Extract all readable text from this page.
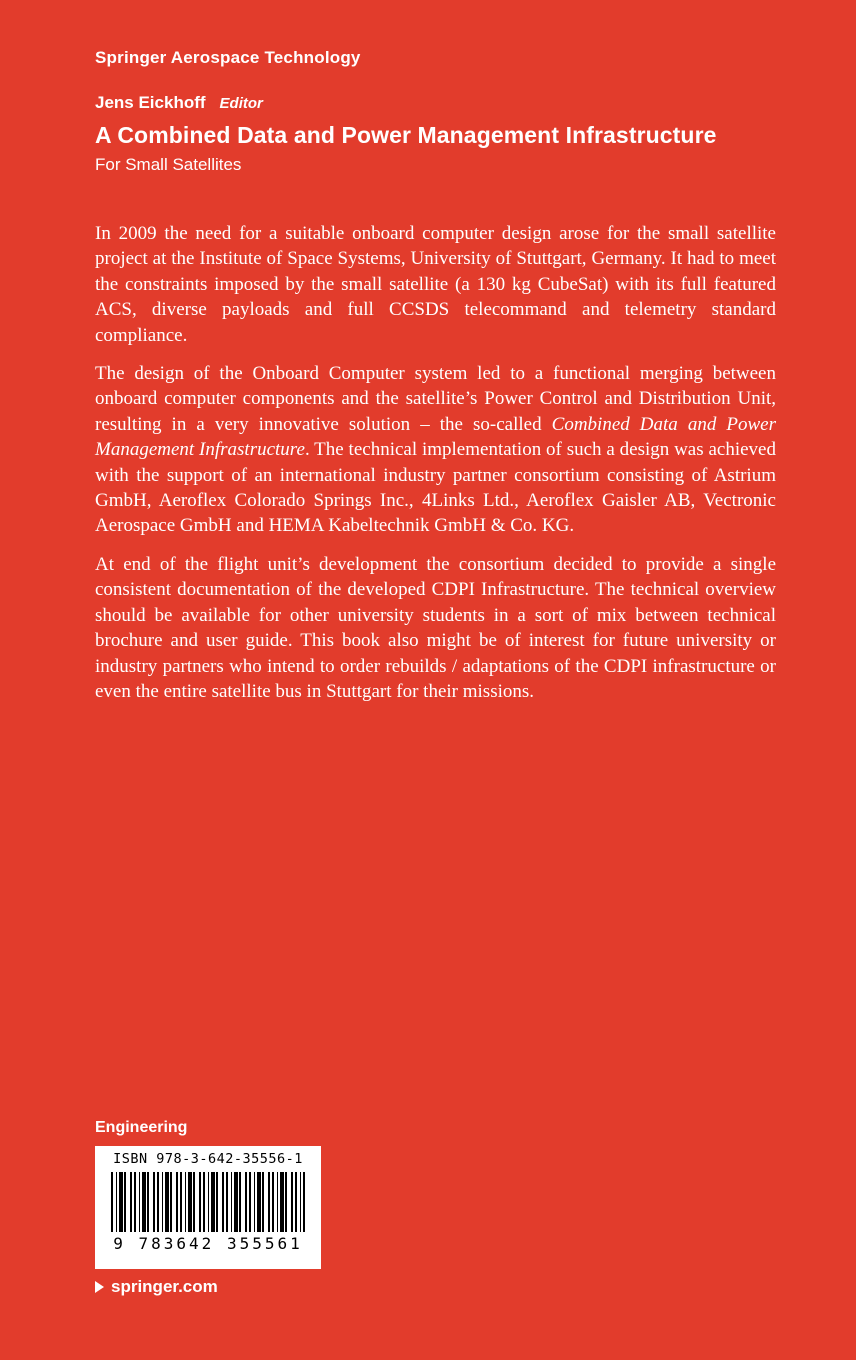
Springer Aerospace Technology
Jens Eickhoff Editor
A Combined Data and Power Management Infrastructure
For Small Satellites

In 2009 the need for a suitable onboard computer design arose for the small satellite project at the Institute of Space Systems, University of Stuttgart, Germany. It had to meet the constraints imposed by the small satellite (a 130 kg CubeSat) with its full featured ACS, diverse payloads and full CCSDS telecommand and telemetry standard compliance.

The design of the Onboard Computer system led to a functional merging between onboard computer components and the satellite’s Power Control and Distribution Unit, resulting in a very innovative solution – the so-called Combined Data and Power Management Infrastructure. The technical implementation of such a design was achieved with the support of an international industry partner consortium consisting of Astrium GmbH, Aeroflex Colorado Springs Inc., 4Links Ltd., Aeroflex Gaisler AB, Vectronic Aerospace GmbH and HEMA Kabeltechnik GmbH & Co. KG.

At end of the flight unit’s development the consortium decided to provide a single consistent documentation of the developed CDPI Infrastructure. The technical overview should be available for other university students in a sort of mix between technical brochure and user guide. This book also might be of interest for future university or industry partners who intend to order rebuilds / adaptations of the CDPI infrastructure or even the entire satellite bus in Stuttgart for their missions.

Engineering
ISBN 978-3-642-35556-1
9 783642 355561
springer.com
